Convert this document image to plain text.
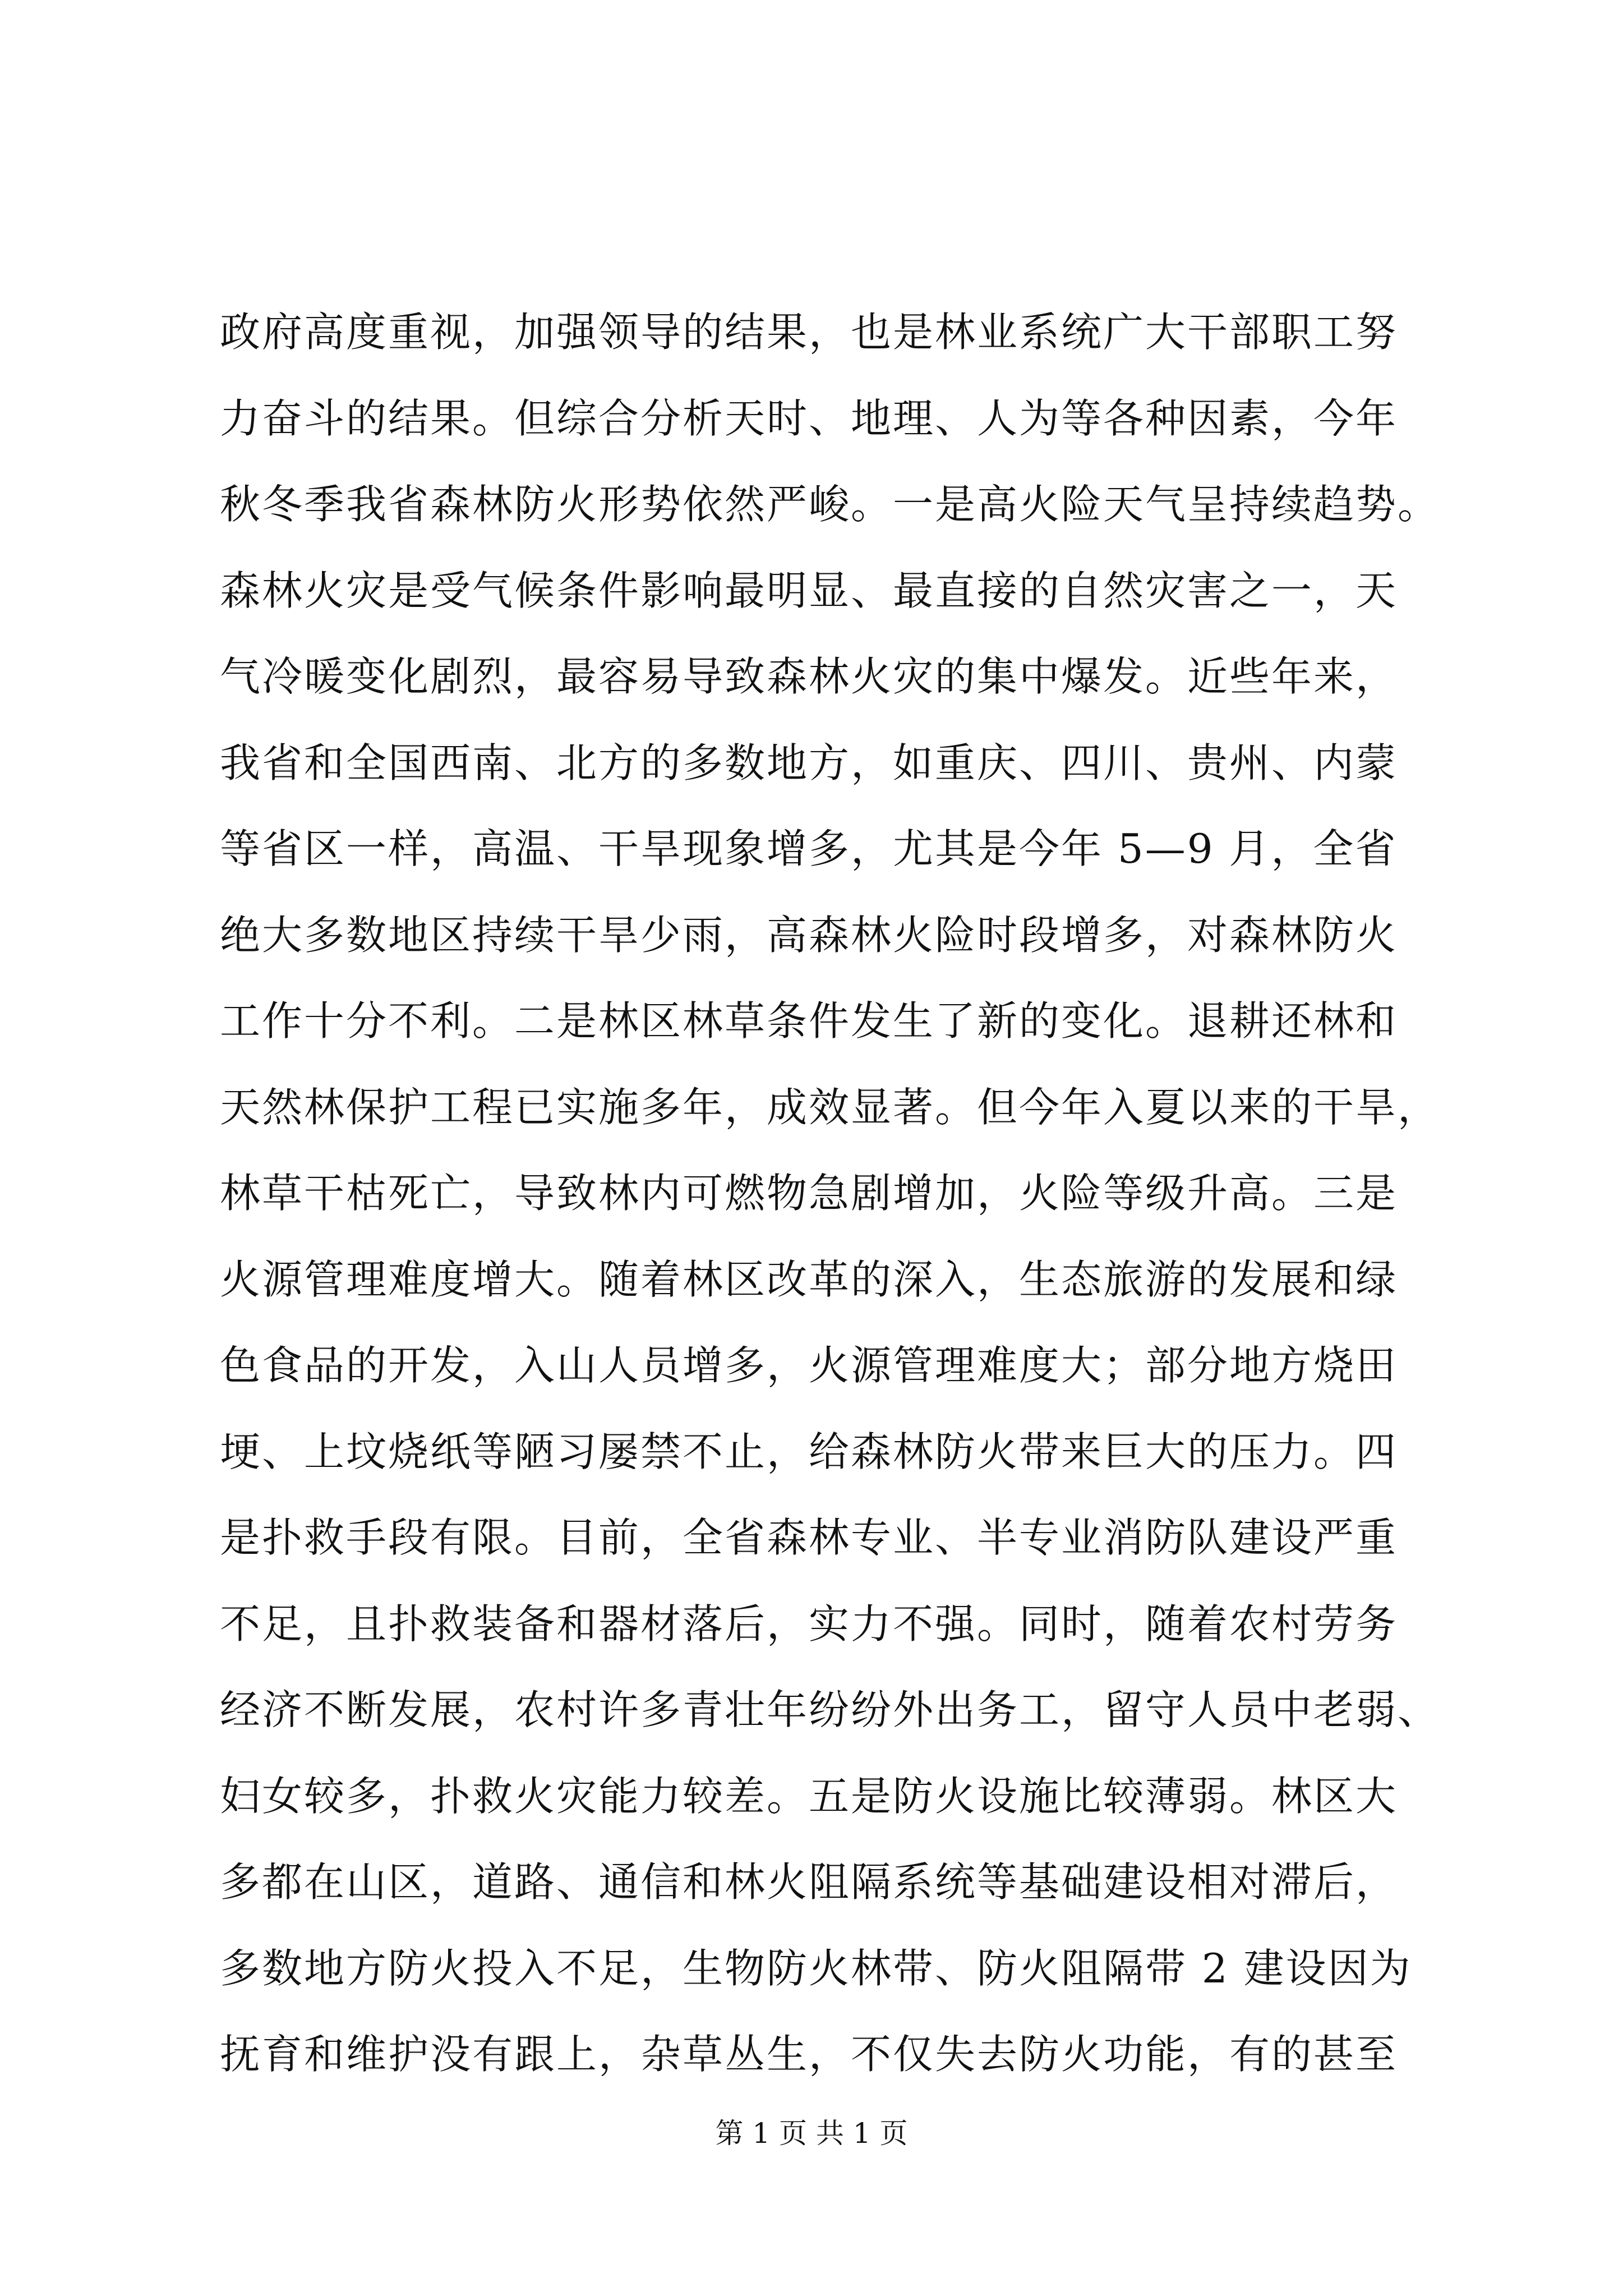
政府高度重视，加强领导的结果，也是林业系统广大干部职工努
力奋斗的结果。但综合分析天时、地理、人为等各种因素，今年
秋冬季我省森林防火形势依然严峻。一是高火险天气呈持续趋势。
森林火灾是受气候条件影响最明显、最直接的自然灾害之一，天
气冷暖变化剧烈，最容易导致森林火灾的集中爆发。近些年来，
我省和全国西南、北方的多数地方，如重庆、四川、贵州、内蒙
等省区一样，高温、干旱现象增多，尤其是今年 5—9 月，全省
绝大多数地区持续干旱少雨，高森林火险时段增多，对森林防火
工作十分不利。二是林区林草条件发生了新的变化。退耕还林和
天然林保护工程已实施多年，成效显著。但今年入夏以来的干旱，
林草干枯死亡，导致林内可燃物急剧增加，火险等级升高。三是
火源管理难度增大。随着林区改革的深入，生态旅游的发展和绿
色食品的开发，入山人员增多，火源管理难度大；部分地方烧田
埂、上坟烧纸等陋习屡禁不止，给森林防火带来巨大的压力。四
是扑救手段有限。目前，全省森林专业、半专业消防队建设严重
不足，且扑救装备和器材落后，实力不强。同时，随着农村劳务
经济不断发展，农村许多青壮年纷纷外出务工，留守人员中老弱、
妇女较多，扑救火灾能力较差。五是防火设施比较薄弱。林区大
多都在山区，道路、通信和林火阻隔系统等基础建设相对滞后，
多数地方防火投入不足，生物防火林带、防火阻隔带 2 建设因为
抚育和维护没有跟上，杂草丛生，不仅失去防火功能，有的甚至
第 1 页 共 1 页
